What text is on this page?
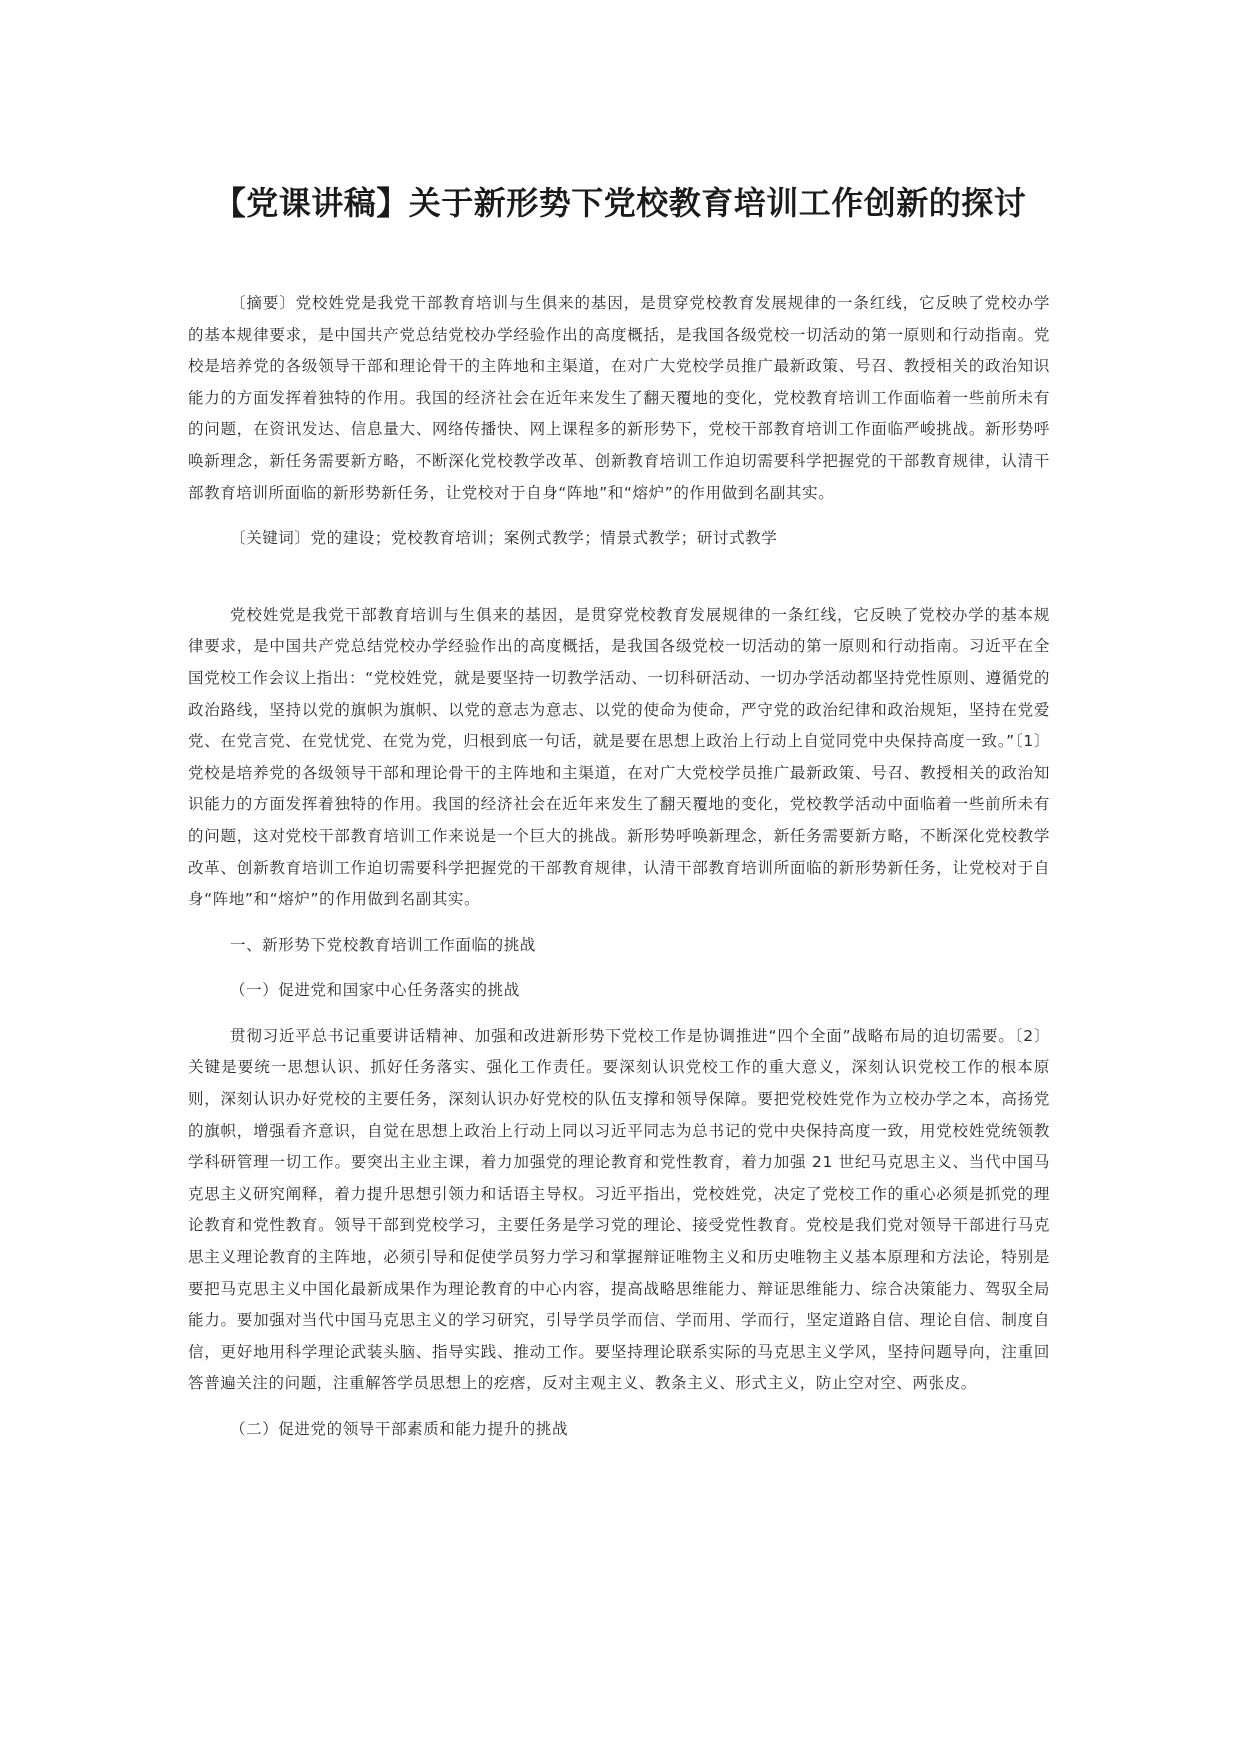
【党课讲稿】关于新形势下党校教育培训工作创新的探讨

〔摘要〕党校姓党是我党干部教育培训与生俱来的基因，是贯穿党校教育发展规律的一条红线，它反映了党校办学的基本规律要求，是中国共产党总结党校办学经验作出的高度概括，是我国各级党校一切活动的第一原则和行动指南。党校是培养党的各级领导干部和理论骨干的主阵地和主渠道，在对广大党校学员推广最新政策、号召、教授相关的政治知识能力的方面发挥着独特的作用。我国的经济社会在近年来发生了翻天覆地的变化，党校教育培训工作面临着一些前所未有的问题，在资讯发达、信息量大、网络传播快、网上课程多的新形势下，党校干部教育培训工作面临严峻挑战。新形势呼唤新理念，新任务需要新方略，不断深化党校教学改革、创新教育培训工作迫切需要科学把握党的干部教育规律，认清干部教育培训所面临的新形势新任务，让党校对于自身“阵地”和“熔炉”的作用做到名副其实。

〔关键词〕党的建设；党校教育培训；案例式教学；情景式教学；研讨式教学

党校姓党是我党干部教育培训与生俱来的基因，是贯穿党校教育发展规律的一条红线，它反映了党校办学的基本规律要求，是中国共产党总结党校办学经验作出的高度概括，是我国各级党校一切活动的第一原则和行动指南。习近平在全国党校工作会议上指出：“党校姓党，就是要坚持一切教学活动、一切科研活动、一切办学活动都坚持党性原则、遵循党的政治路线，坚持以党的旗帜为旗帜、以党的意志为意志、以党的使命为使命，严守党的政治纪律和政治规矩，坚持在党爱党、在党言党、在党忧党、在党为党，归根到底一句话，就是要在思想上政治上行动上自觉同党中央保持高度一致。”〔1〕党校是培养党的各级领导干部和理论骨干的主阵地和主渠道，在对广大党校学员推广最新政策、号召、教授相关的政治知识能力的方面发挥着独特的作用。我国的经济社会在近年来发生了翻天覆地的变化，党校教学活动中面临着一些前所未有的问题，这对党校干部教育培训工作来说是一个巨大的挑战。新形势呼唤新理念，新任务需要新方略，不断深化党校教学改革、创新教育培训工作迫切需要科学把握党的干部教育规律，认清干部教育培训所面临的新形势新任务，让党校对于自身“阵地”和“熔炉”的作用做到名副其实。

一、新形势下党校教育培训工作面临的挑战

（一）促进党和国家中心任务落实的挑战

贯彻习近平总书记重要讲话精神、加强和改进新形势下党校工作是协调推进“四个全面”战略布局的迫切需要。〔2〕关键是要统一思想认识、抓好任务落实、强化工作责任。要深刻认识党校工作的重大意义，深刻认识党校工作的根本原则，深刻认识办好党校的主要任务，深刻认识办好党校的队伍支撑和领导保障。要把党校姓党作为立校办学之本，高扬党的旗帜，增强看齐意识，自觉在思想上政治上行动上同以习近平同志为总书记的党中央保持高度一致，用党校姓党统领教学科研管理一切工作。要突出主业主课，着力加强党的理论教育和党性教育，着力加强 21 世纪马克思主义、当代中国马克思主义研究阐释，着力提升思想引领力和话语主导权。习近平指出，党校姓党，决定了党校工作的重心必须是抓党的理论教育和党性教育。领导干部到党校学习，主要任务是学习党的理论、接受党性教育。党校是我们党对领导干部进行马克思主义理论教育的主阵地，必须引导和促使学员努力学习和掌握辩证唯物主义和历史唯物主义基本原理和方法论，特别是要把马克思主义中国化最新成果作为理论教育的中心内容，提高战略思维能力、辩证思维能力、综合决策能力、驾驭全局能力。要加强对当代中国马克思主义的学习研究，引导学员学而信、学而用、学而行，坚定道路自信、理论自信、制度自信，更好地用科学理论武装头脑、指导实践、推动工作。要坚持理论联系实际的马克思主义学风，坚持问题导向，注重回答普遍关注的问题，注重解答学员思想上的疙瘩，反对主观主义、教条主义、形式主义，防止空对空、两张皮。

（二）促进党的领导干部素质和能力提升的挑战
